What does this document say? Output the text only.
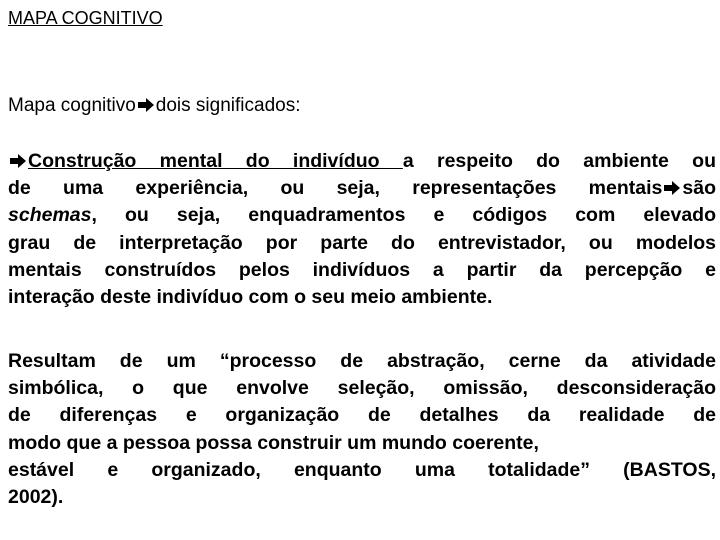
MAPA COGNITIVO
Mapa cognitivo dois significados:
Construção mental do indivíduo a respeito do ambiente ou
de uma experiência, ou seja, representações mentais são
schemas, ou seja, enquadramentos e códigos com elevado
grau de interpretação por parte do entrevistador, ou modelos
mentais construídos pelos indivíduos a partir da percepção e
interação deste indivíduo com o seu meio ambiente.
Resultam de um “processo de abstração, cerne da atividade
simbólica, o que envolve seleção, omissão, desconsideração
de diferenças e organização de detalhes da realidade de
modo que a pessoa possa construir um mundo coerente,
estável e organizado, enquanto uma totalidade” (BASTOS,
2002).
